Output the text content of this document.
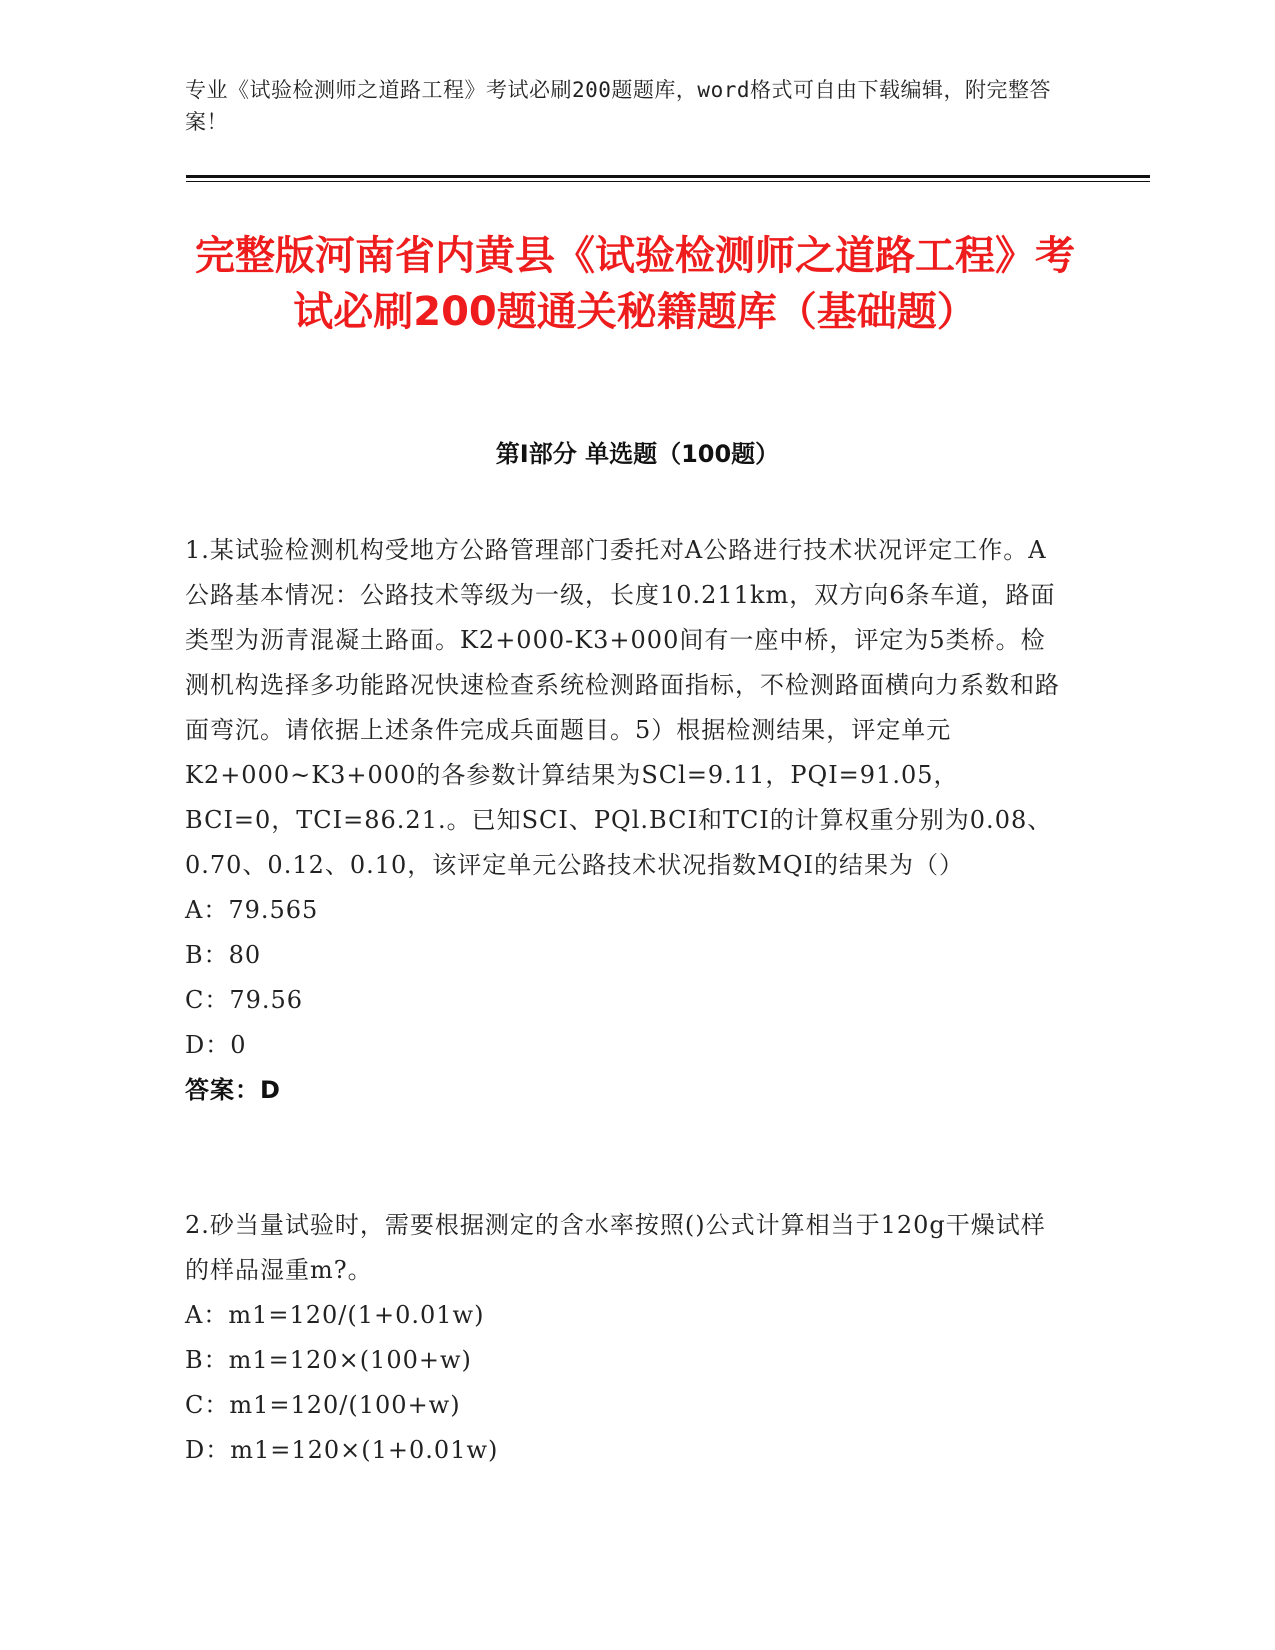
专业《试验检测师之道路工程》考试必刷200题题库，word格式可自由下载编辑，附完整答案！
完整版河南省内黄县《试验检测师之道路工程》考试必刷200题通关秘籍题库（基础题）
第I部分 单选题（100题）

1.某试验检测机构受地方公路管理部门委托对A公路进行技术状况评定工作。A公路基本情况：公路技术等级为一级，长度10.211km，双方向6条车道，路面类型为沥青混凝土路面。K2+000-K3+000间有一座中桥，评定为5类桥。检测机构选择多功能路况快速检查系统检测路面指标，不检测路面横向力系数和路面弯沉。请依据上述条件完成兵面题目。5）根据检测结果，评定单元K2+000~K3+000的各参数计算结果为SCl=9.11，PQI=91.05，BCI=0，TCI=86.21.。已知SCI、PQl.BCI和TCI的计算权重分别为0.08、0.70、0.12、0.10，该评定单元公路技术状况指数MQI的结果为（）

A：79.565

B：80

C：79.56

D：0

答案：D

2.砂当量试验时，需要根据测定的含水率按照()公式计算相当于120g干燥试样的样品湿重m?。

A：m1=120/(1+0.01w)

B：m1=120×(100+w)

C：m1=120/(100+w)

D：m1=120×(1+0.01w)
